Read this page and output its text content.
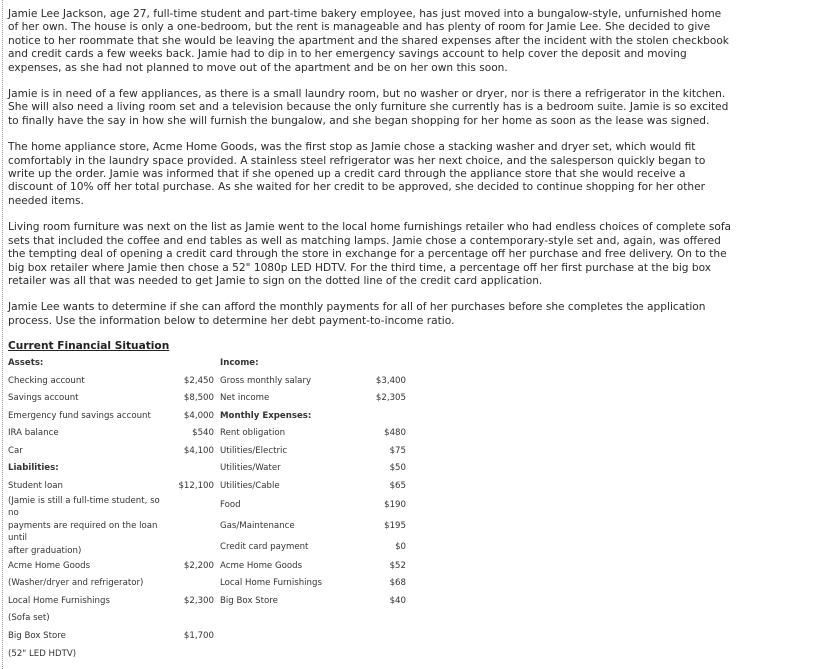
Jamie Lee Jackson, age 27, full-time student and part-time bakery employee, has just moved into a bungalow-style, unfurnished home of her own. The house is only a one-bedroom, but the rent is manageable and has plenty of room for Jamie Lee. She decided to give notice to her roommate that she would be leaving the apartment and the shared expenses after the incident with the stolen checkbook and credit cards a few weeks back. Jamie had to dip in to her emergency savings account to help cover the deposit and moving expenses, as she had not planned to move out of the apartment and be on her own this soon.

Jamie is in need of a few appliances, as there is a small laundry room, but no washer or dryer, nor is there a refrigerator in the kitchen. She will also need a living room set and a television because the only furniture she currently has is a bedroom suite. Jamie is so excited to finally have the say in how she will furnish the bungalow, and she began shopping for her home as soon as the lease was signed.

The home appliance store, Acme Home Goods, was the first stop as Jamie chose a stacking washer and dryer set, which would fit comfortably in the laundry space provided. A stainless steel refrigerator was her next choice, and the salesperson quickly began to write up the order. Jamie was informed that if she opened up a credit card through the appliance store that she would receive a discount of 10% off her total purchase. As she waited for her credit to be approved, she decided to continue shopping for her other needed items.

Living room furniture was next on the list as Jamie went to the local home furnishings retailer who had endless choices of complete sofa sets that included the coffee and end tables as well as matching lamps. Jamie chose a contemporary-style set and, again, was offered the tempting deal of opening a credit card through the store in exchange for a percentage off her purchase and free delivery. On to the big box retailer where Jamie then chose a 52" 1080p LED HDTV. For the third time, a percentage off her first purchase at the big box retailer was all that was needed to get Jamie to sign on the dotted line of the credit card application.

Jamie Lee wants to determine if she can afford the monthly payments for all of her purchases before she completes the application process. Use the information below to determine her debt payment-to-income ratio.

Current Financial Situation
Assets:			Income:	
Checking account	$2,450		Gross monthly salary	$3,400
Savings account	$8,500		Net income	$2,305
Emergency fund savings account	$4,000		Monthly Expenses:	
IRA balance	$540		Rent obligation	$480
Car	$4,100		Utilities/Electric	$75
Liabilities:			Utilities/Water	$50
Student loan	$12,100		Utilities/Cable	$65

(Jamie is still a full-time student, so no
payments are required on the loan until
after graduation)			Food	$190
			Gas/Maintenance	$195
			Credit card payment	$0
Acme Home Goods	$2,200		Acme Home Goods	$52
(Washer/dryer and refrigerator)			Local Home Furnishings	$68
Local Home Furnishings	$2,300		Big Box Store	$40
(Sofa set)				
Big Box Store	$1,700			
(52" LED HDTV)				
